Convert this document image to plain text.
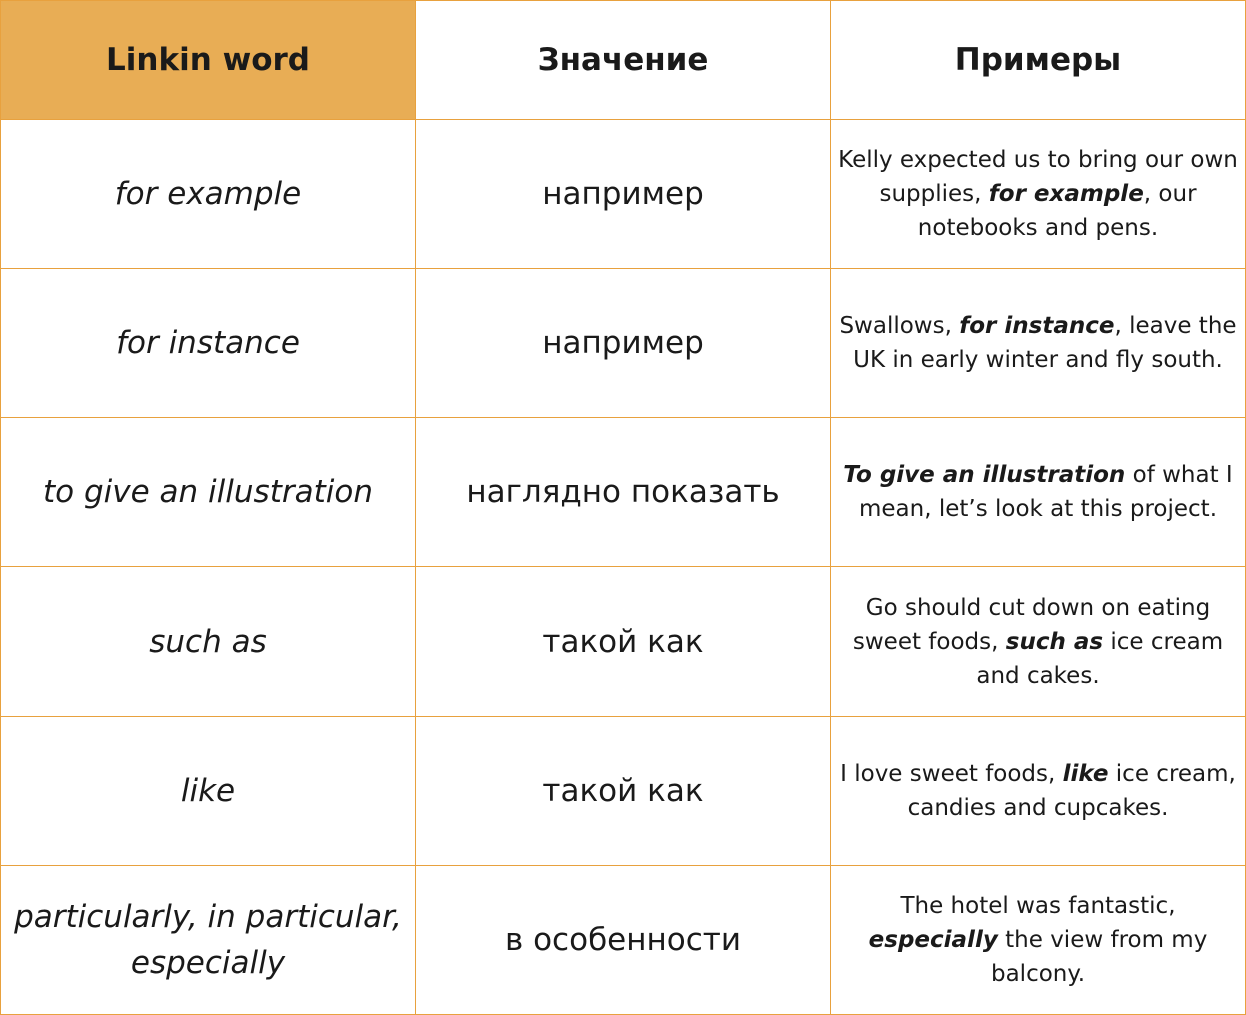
Linkin word	Значение	Примеры
for example	например	Kelly expected us to bring our own supplies, for example, our notebooks and pens.
for instance	например	Swallows, for instance, leave the UK in early winter and fly south.
to give an illustration	наглядно показать	To give an illustration of what I mean, let’s look at this project.
such as	такой как	Go should cut down on eating sweet foods, such as ice cream and cakes.
like	такой как	I love sweet foods, like ice cream, candies and cupcakes.
particularly, in particular, especially	в особенности	The hotel was fantastic, especially the view from my balcony.
